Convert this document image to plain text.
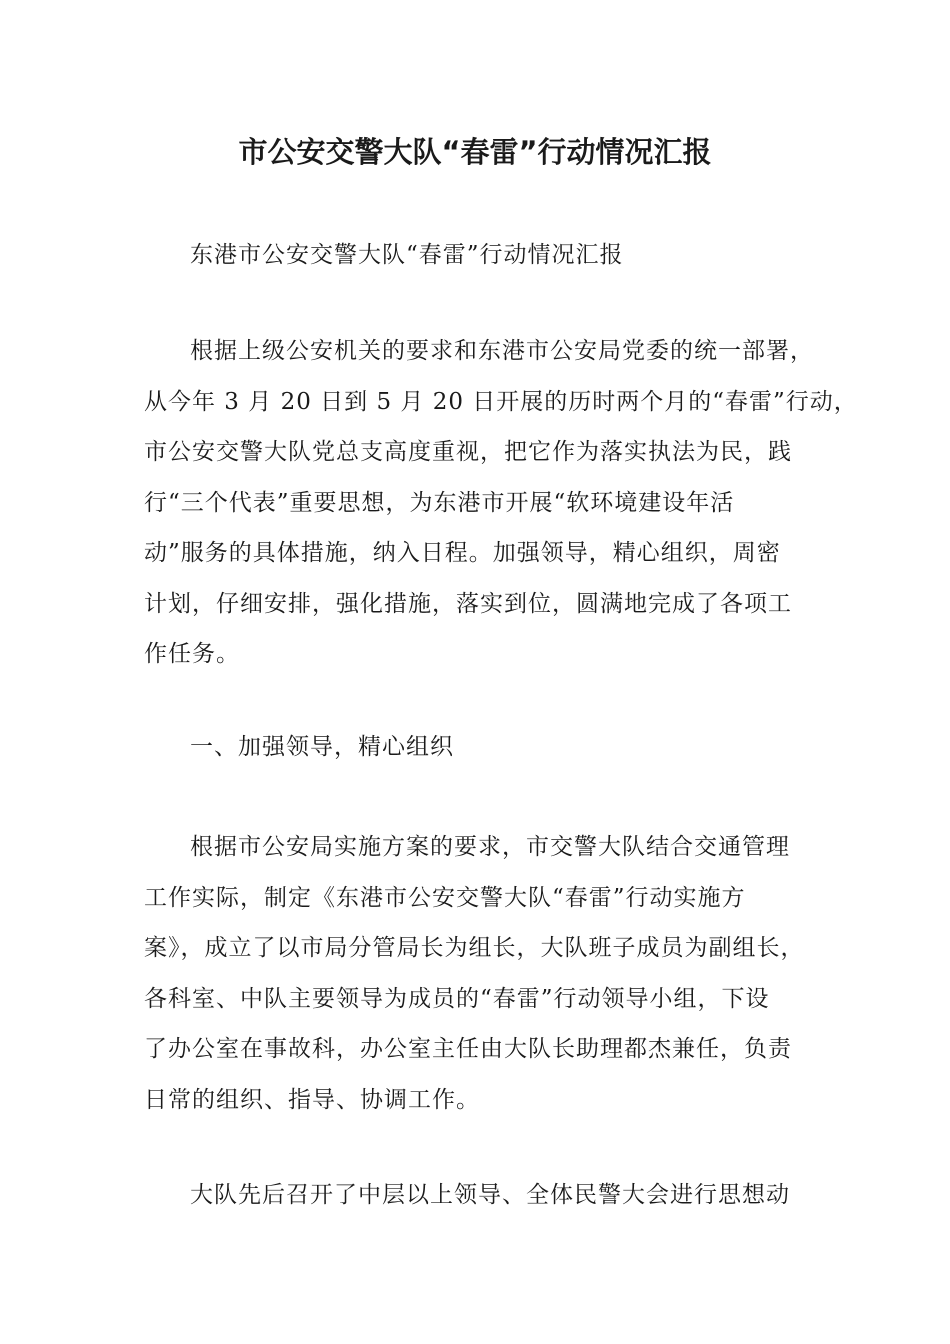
市公安交警大队“春雷”行动情况汇报

东港市公安交警大队“春雷”行动情况汇报

根据上级公安机关的要求和东港市公安局党委的统一部署，
从今年 3 月 20 日到 5 月 20 日开展的历时两个月的“春雷”行动，
市公安交警大队党总支高度重视，把它作为落实执法为民，践
行“三个代表”重要思想，为东港市开展“软环境建设年活
动”服务的具体措施，纳入日程。加强领导，精心组织，周密
计划，仔细安排，强化措施，落实到位，圆满地完成了各项工
作任务。

一、加强领导，精心组织

根据市公安局实施方案的要求，市交警大队结合交通管理
工作实际，制定《东港市公安交警大队“春雷”行动实施方
案》，成立了以市局分管局长为组长，大队班子成员为副组长，
各科室、中队主要领导为成员的“春雷”行动领导小组，下设
了办公室在事故科，办公室主任由大队长助理都杰兼任，负责
日常的组织、指导、协调工作。

大队先后召开了中层以上领导、全体民警大会进行思想动
